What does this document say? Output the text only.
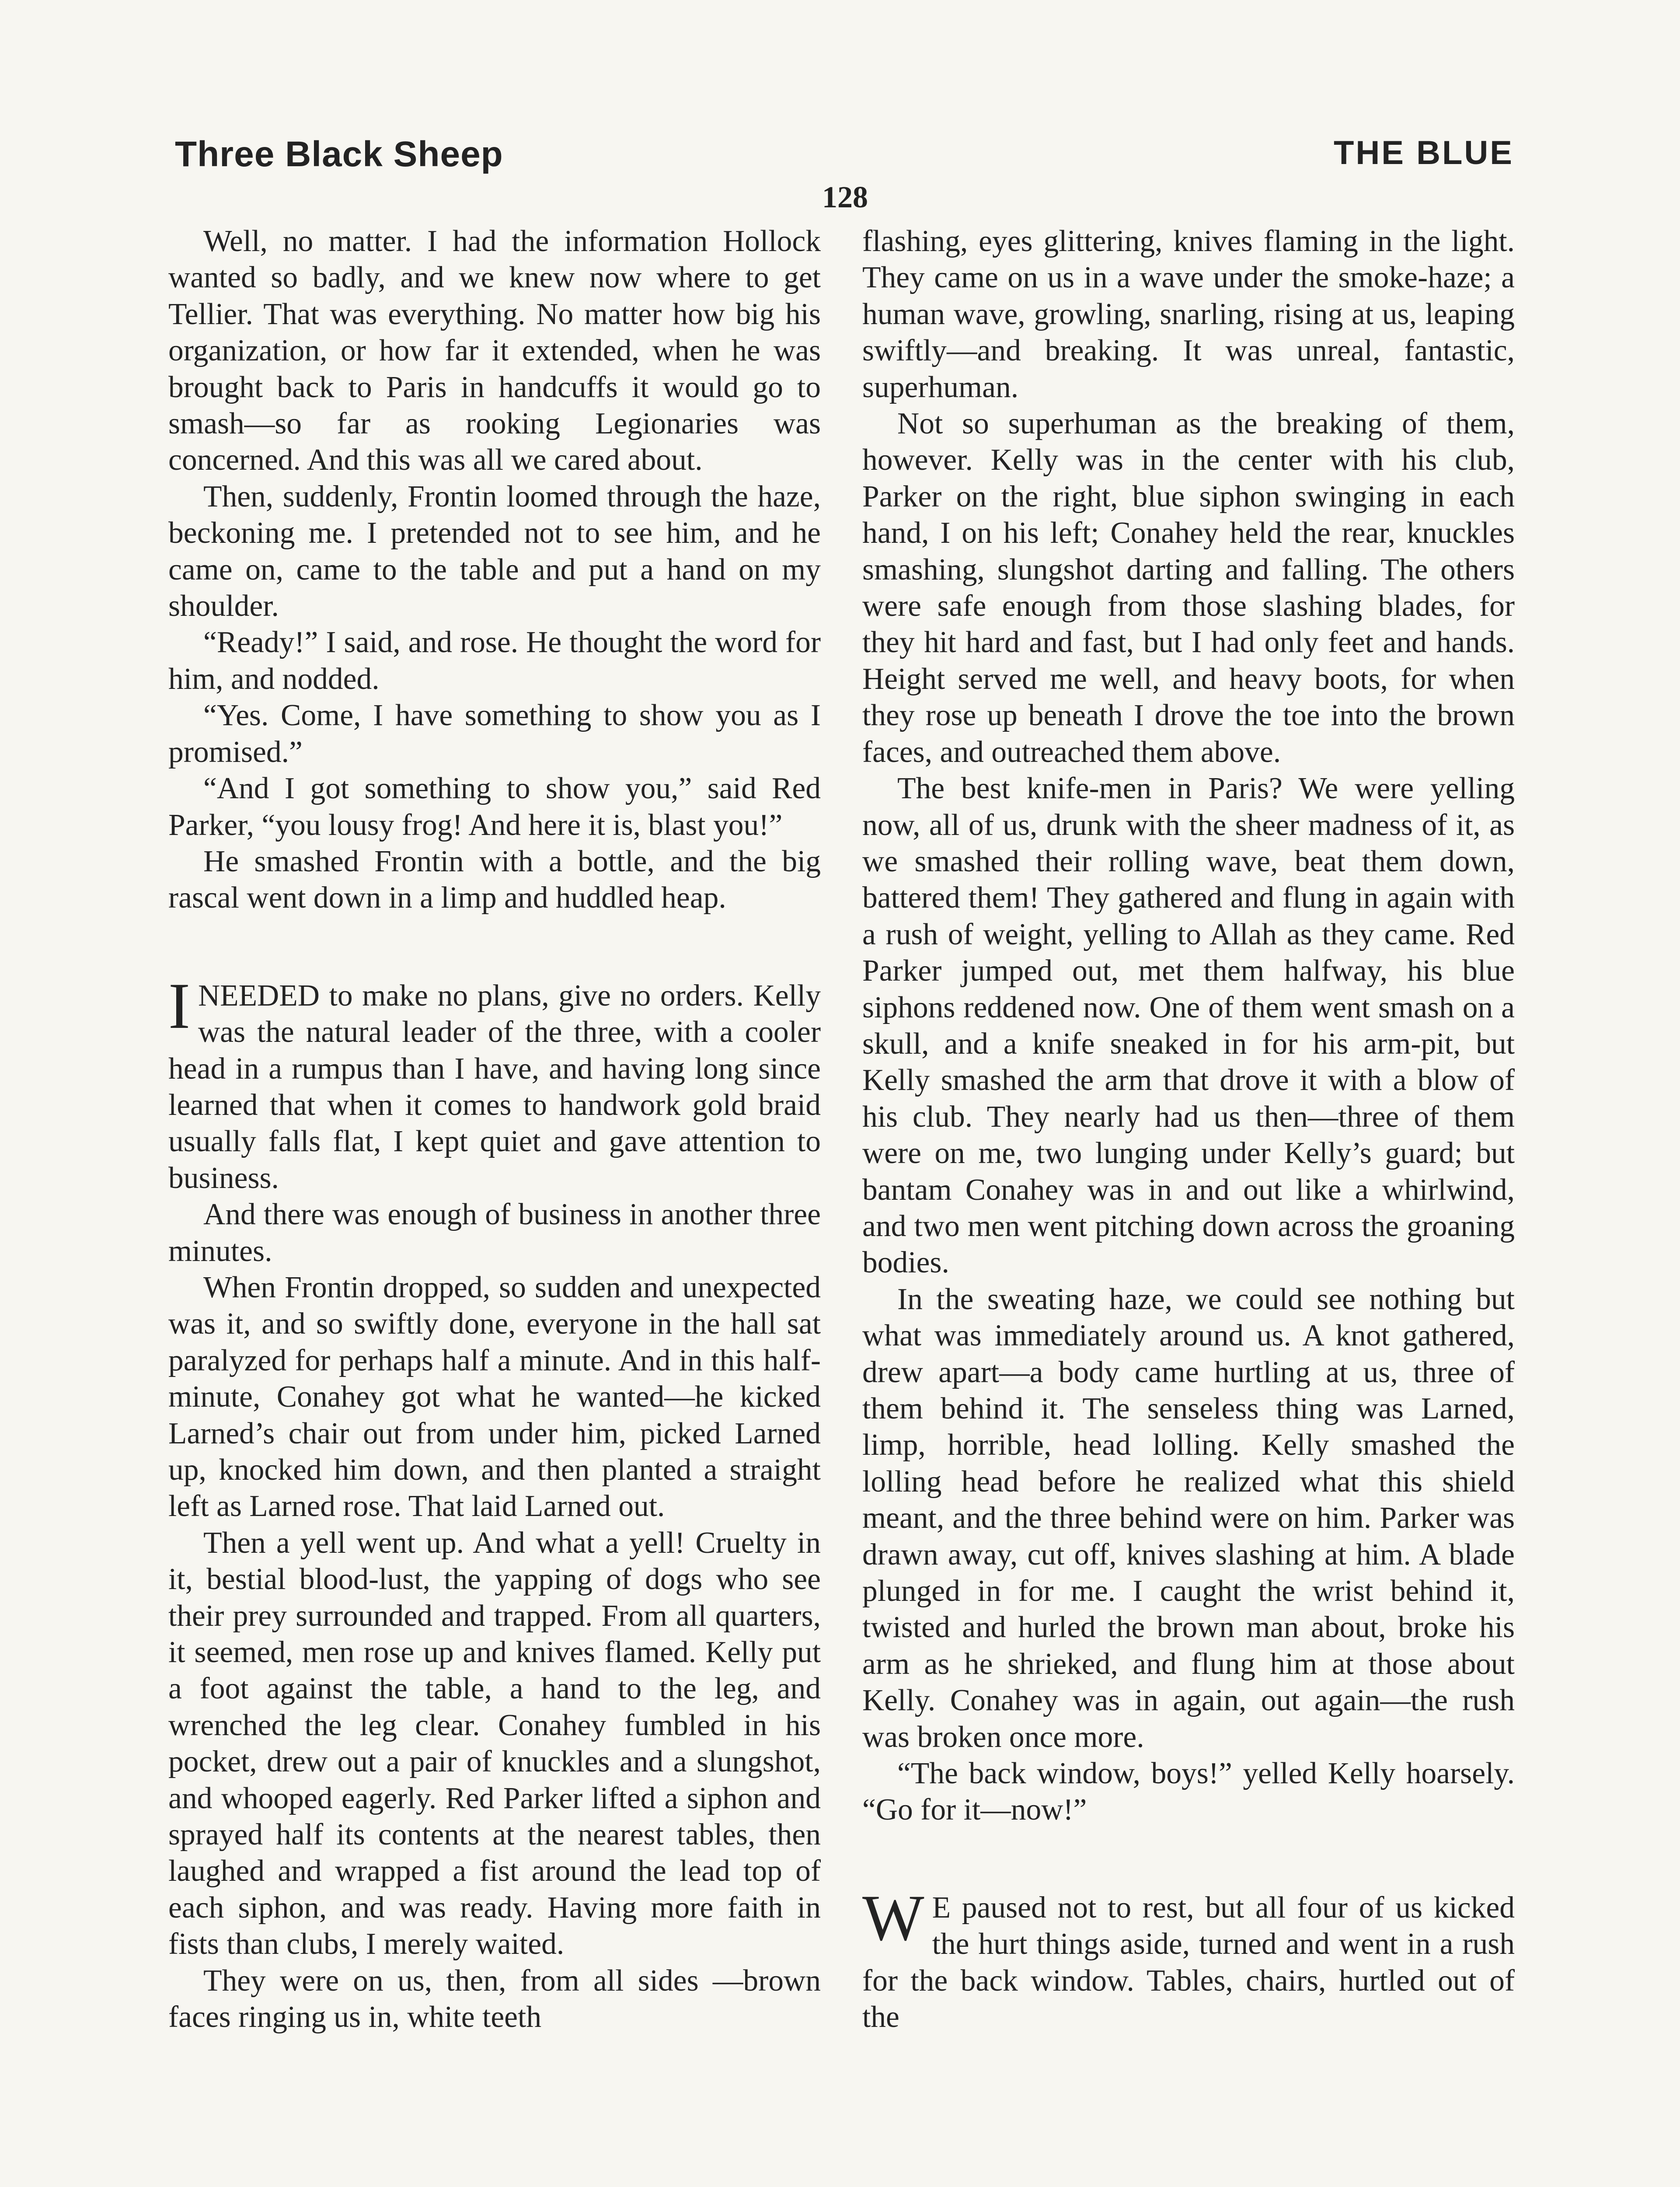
Three Black Sheep	THE BLUE
128

Well, no matter. I had the information Hollock wanted so badly, and we knew now where to get Tellier. That was everything. No matter how big his organization, or how far it extended, when he was brought back to Paris in handcuffs it would go to smash—so far as rooking Legionaries was concerned. And this was all we cared about.

Then, suddenly, Frontin loomed through the haze, beckoning me. I pretended not to see him, and he came on, came to the table and put a hand on my shoulder.

“Ready!” I said, and rose. He thought the word for him, and nodded.

“Yes. Come, I have something to show you as I promised.”

“And I got something to show you,” said Red Parker, “you lousy frog! And here it is, blast you!”

He smashed Frontin with a bottle, and the big rascal went down in a limp and huddled heap.

INEEDED to make no plans, give no orders. Kelly was the natural leader of the three, with a cooler head in a rumpus than I have, and having long since learned that when it comes to handwork gold braid usually falls flat, I kept quiet and gave attention to business.

And there was enough of business in another three minutes.

When Frontin dropped, so sudden and unexpected was it, and so swiftly done, everyone in the hall sat paralyzed for perhaps half a minute. And in this half-minute, Conahey got what he wanted—he kicked Larned’s chair out from under him, picked Larned up, knocked him down, and then planted a straight left as Larned rose. That laid Larned out.

Then a yell went up. And what a yell! Cruelty in it, bestial blood-lust, the yapping of dogs who see their prey surrounded and trapped. From all quarters, it seemed, men rose up and knives flamed. Kelly put a foot against the table, a hand to the leg, and wrenched the leg clear. Conahey fumbled in his pocket, drew out a pair of knuckles and a slungshot, and whooped eagerly. Red Parker lifted a siphon and sprayed half its contents at the nearest tables, then laughed and wrapped a fist around the lead top of each siphon, and was ready. Having more faith in fists than clubs, I merely waited.

They were on us, then, from all sides —brown faces ringing us in, white teeth

flashing, eyes glittering, knives flaming in the light. They came on us in a wave under the smoke-haze; a human wave, growling, snarling, rising at us, leaping swiftly—and breaking. It was unreal, fantastic, superhuman.

Not so superhuman as the breaking of them, however. Kelly was in the center with his club, Parker on the right, blue siphon swinging in each hand, I on his left; Conahey held the rear, knuckles smashing, slungshot darting and falling. The others were safe enough from those slashing blades, for they hit hard and fast, but I had only feet and hands. Height served me well, and heavy boots, for when they rose up beneath I drove the toe into the brown faces, and outreached them above.

The best knife-men in Paris? We were yelling now, all of us, drunk with the sheer madness of it, as we smashed their rolling wave, beat them down, battered them! They gathered and flung in again with a rush of weight, yelling to Allah as they came. Red Parker jumped out, met them halfway, his blue siphons reddened now. One of them went smash on a skull, and a knife sneaked in for his arm-pit, but Kelly smashed the arm that drove it with a blow of his club. They nearly had us then—three of them were on me, two lunging under Kelly’s guard; but bantam Conahey was in and out like a whirlwind, and two men went pitching down across the groaning bodies.

In the sweating haze, we could see nothing but what was immediately around us. A knot gathered, drew apart—a body came hurtling at us, three of them behind it. The senseless thing was Larned, limp, horrible, head lolling. Kelly smashed the lolling head before he realized what this shield meant, and the three behind were on him. Parker was drawn away, cut off, knives slashing at him. A blade plunged in for me. I caught the wrist behind it, twisted and hurled the brown man about, broke his arm as he shrieked, and flung him at those about Kelly. Conahey was in again, out again—the rush was broken once more.

“The back window, boys!” yelled Kelly hoarsely. “Go for it—now!”

W E paused not to rest, but all four of us kicked the hurt things aside, turned and went in a rush for the back window. Tables, chairs, hurtled out of the
